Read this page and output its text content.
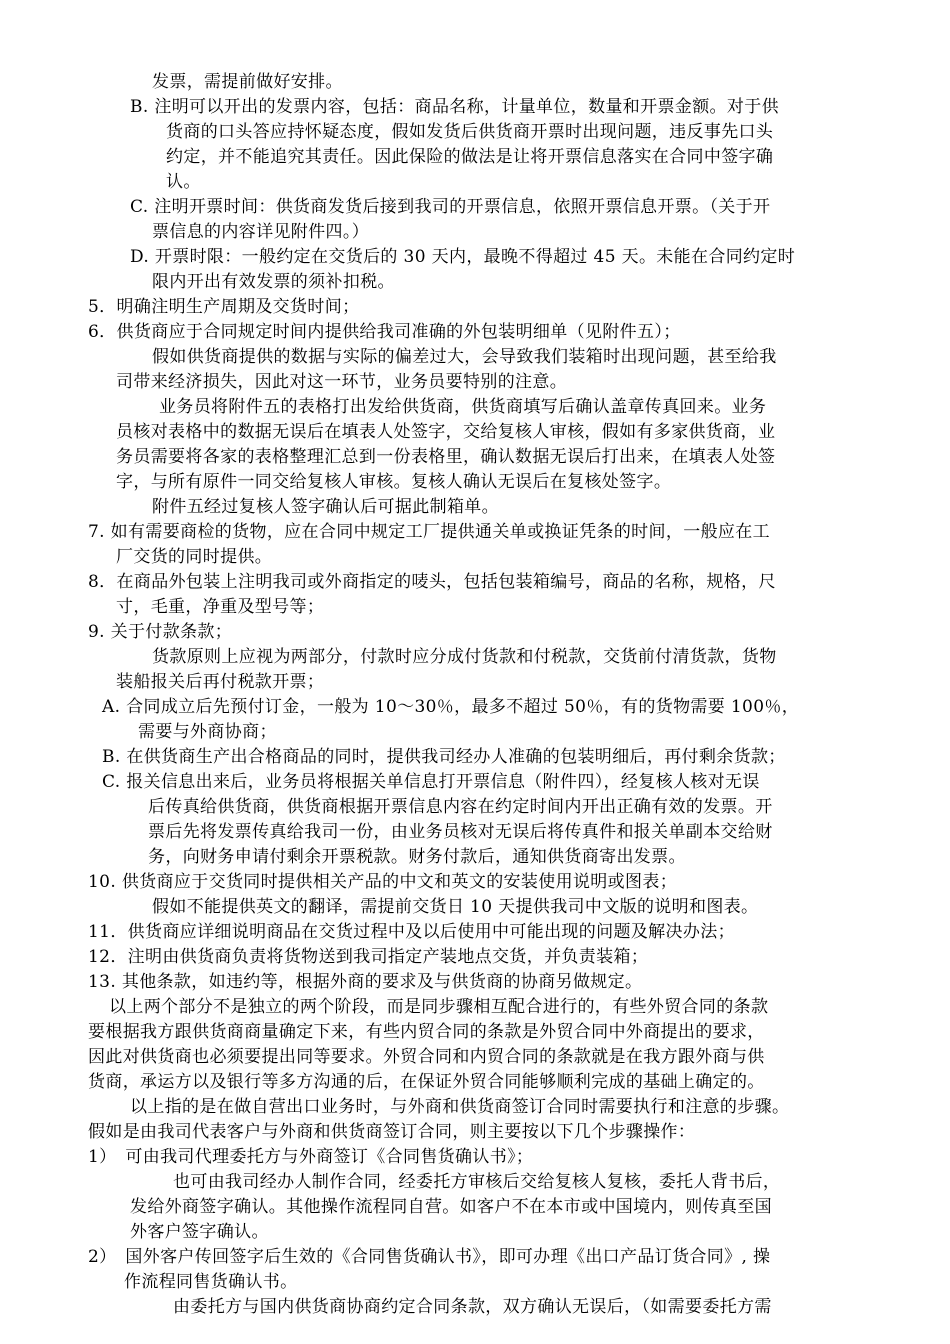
发票，需提前做好安排。
B. 注明可以开出的发票内容，包括：商品名称，计量单位，数量和开票金额。对于供
货商的口头答应持怀疑态度，假如发货后供货商开票时出现问题，违反事先口头
约定，并不能追究其责任。因此保险的做法是让将开票信息落实在合同中签字确
认。
C. 注明开票时间：供货商发货后接到我司的开票信息，依照开票信息开票。（关于开
票信息的内容详见附件四。）
D. 开票时限：一般约定在交货后的 30 天内，最晚不得超过 45 天。未能在合同约定时
限内开出有效发票的须补扣税。
5．明确注明生产周期及交货时间；
6．供货商应于合同规定时间内提供给我司准确的外包装明细单（见附件五）；
假如供货商提供的数据与实际的偏差过大，会导致我们装箱时出现问题，甚至给我
司带来经济损失，因此对这一环节，业务员要特别的注意。
业务员将附件五的表格打出发给供货商，供货商填写后确认盖章传真回来。业务
员核对表格中的数据无误后在填表人处签字，交给复核人审核，假如有多家供货商，业
务员需要将各家的表格整理汇总到一份表格里，确认数据无误后打出来，在填表人处签
字，与所有原件一同交给复核人审核。复核人确认无误后在复核处签字。
附件五经过复核人签字确认后可据此制箱单。
7. 如有需要商检的货物，应在合同中规定工厂提供通关单或换证凭条的时间，一般应在工
厂交货的同时提供。
8．在商品外包装上注明我司或外商指定的唛头，包括包装箱编号，商品的名称，规格，尺
寸，毛重，净重及型号等；
9. 关于付款条款；
货款原则上应视为两部分，付款时应分成付货款和付税款，交货前付清货款，货物
装船报关后再付税款开票；
A. 合同成立后先预付订金，一般为 10～30％，最多不超过 50％，有的货物需要 100％，
需要与外商协商；
B. 在供货商生产出合格商品的同时，提供我司经办人准确的包装明细后，再付剩余货款；
C. 报关信息出来后，业务员将根据关单信息打开票信息（附件四），经复核人核对无误
后传真给供货商，供货商根据开票信息内容在约定时间内开出正确有效的发票。开
票后先将发票传真给我司一份，由业务员核对无误后将传真件和报关单副本交给财
务，向财务申请付剩余开票税款。财务付款后，通知供货商寄出发票。
10. 供货商应于交货同时提供相关产品的中文和英文的安装使用说明或图表；
假如不能提供英文的翻译，需提前交货日 10 天提供我司中文版的说明和图表。
11．供货商应详细说明商品在交货过程中及以后使用中可能出现的问题及解决办法；
12．注明由供货商负责将货物送到我司指定产装地点交货，并负责装箱；
13. 其他条款，如违约等，根据外商的要求及与供货商的协商另做规定。
以上两个部分不是独立的两个阶段，而是同步骤相互配合进行的，有些外贸合同的条款
要根据我方跟供货商商量确定下来，有些内贸合同的条款是外贸合同中外商提出的要求，
因此对供货商也必须要提出同等要求。外贸合同和内贸合同的条款就是在我方跟外商与供
货商，承运方以及银行等多方沟通的后，在保证外贸合同能够顺利完成的基础上确定的。
以上指的是在做自营出口业务时，与外商和供货商签订合同时需要执行和注意的步骤。
假如是由我司代表客户与外商和供货商签订合同，则主要按以下几个步骤操作：
1）　可由我司代理委托方与外商签订《合同售货确认书》；
也可由我司经办人制作合同，经委托方审核后交给复核人复核，委托人背书后，
发给外商签字确认。其他操作流程同自营。如客户不在本市或中国境内，则传真至国
外客户签字确认。
2）　国外客户传回签字后生效的《合同售货确认书》，即可办理《出口产品订货合同》, 操
作流程同售货确认书。
由委托方与国内供货商协商约定合同条款，双方确认无误后，（如需要委托方需
